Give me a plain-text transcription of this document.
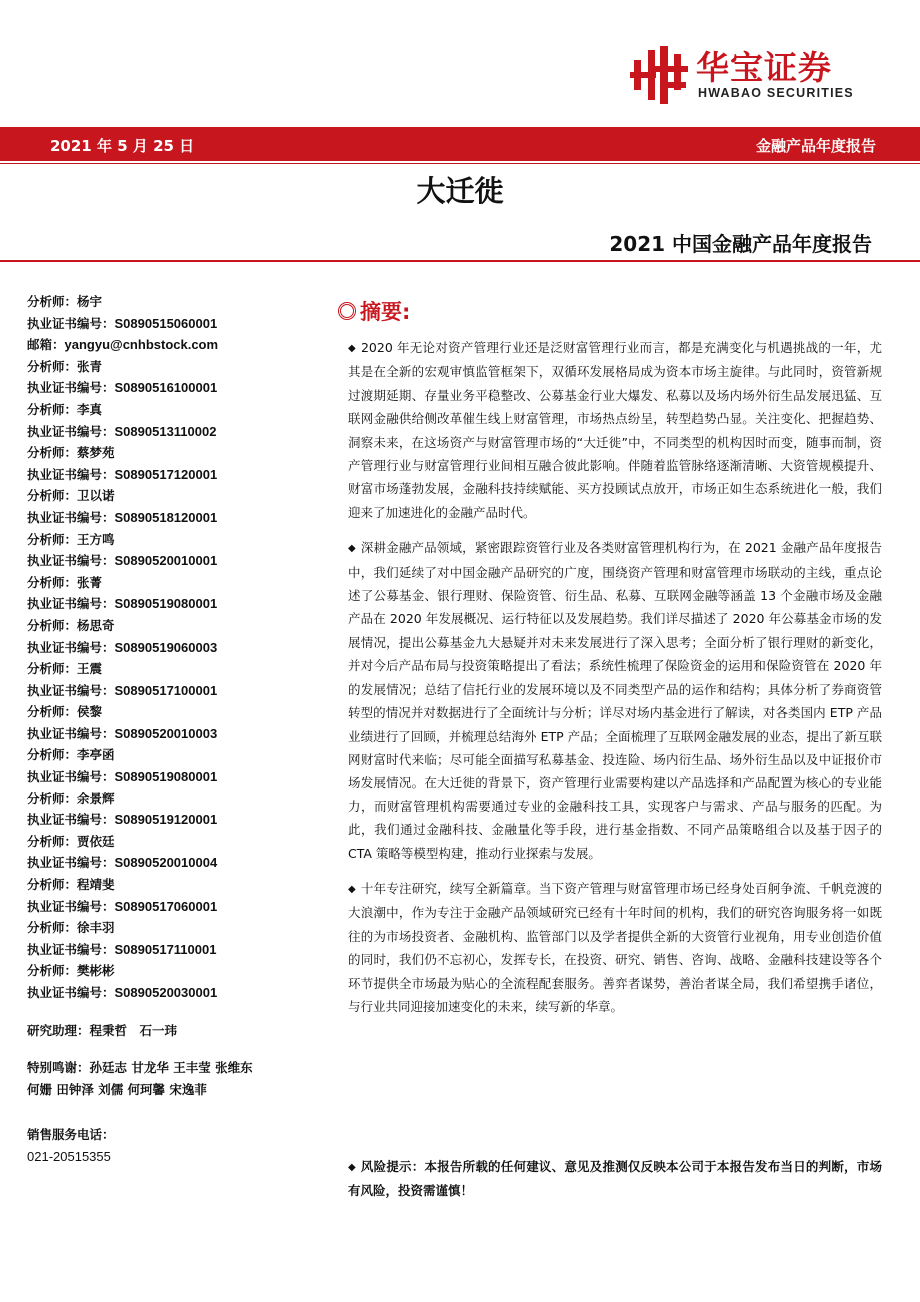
华宝证券
HWABAO SECURITIES
2021 年 5 月 25 日	金融产品年度报告
大迁徙
2021 中国金融产品年度报告
分析师：杨宇
执业证书编号：S0890515060001
邮箱：yangyu@cnhbstock.com
分析师：张青
执业证书编号：S0890516100001
分析师：李真
执业证书编号：S0890513110002
分析师：蔡梦苑
执业证书编号：S0890517120001
分析师：卫以诺
执业证书编号：S0890518120001
分析师：王方鸣
执业证书编号：S0890520010001
分析师：张菁
执业证书编号：S0890519080001
分析师：杨思奇
执业证书编号：S0890519060003
分析师：王震
执业证书编号：S0890517100001
分析师：侯黎
执业证书编号：S0890520010003
分析师：李亭函
执业证书编号：S0890519080001
分析师：余景辉
执业证书编号：S0890519120001
分析师：贾依廷
执业证书编号：S0890520010004
分析师：程靖斐
执业证书编号：S0890517060001
分析师：徐丰羽
执业证书编号：S0890517110001
分析师：樊彬彬
执业证书编号：S0890520030001
研究助理：程秉哲　石一玮
特别鸣谢：孙廷志 甘龙华 王丰莹 张维东
何姗 田钟泽 刘儒 何珂馨 宋逸菲
销售服务电话：
021-20515355
摘要:

◆ 2020 年无论对资产管理行业还是泛财富管理行业而言，都是充满变化与机遇挑战的一年，尤其是在全新的宏观审慎监管框架下，双循环发展格局成为资本市场主旋律。与此同时，资管新规过渡期延期、存量业务平稳整改、公募基金行业大爆发、私募以及场内场外衍生品发展迅猛、互联网金融供给侧改革催生线上财富管理，市场热点纷呈，转型趋势凸显。关注变化、把握趋势、洞察未来，在这场资产与财富管理市场的“大迁徙”中，不同类型的机构因时而变，随事而制，资产管理行业与财富管理行业间相互融合彼此影响。伴随着监管脉络逐渐清晰、大资管规模提升、财富市场蓬勃发展，金融科技持续赋能、买方投顾试点放开，市场正如生态系统进化一般，我们迎来了加速进化的金融产品时代。

◆ 深耕金融产品领域，紧密跟踪资管行业及各类财富管理机构行为，在 2021 金融产品年度报告中，我们延续了对中国金融产品研究的广度，围绕资产管理和财富管理市场联动的主线，重点论述了公募基金、银行理财、保险资管、衍生品、私募、互联网金融等涵盖 13 个金融市场及金融产品在 2020 年发展概况、运行特征以及发展趋势。我们详尽描述了 2020 年公募基金市场的发展情况，提出公募基金九大悬疑并对未来发展进行了深入思考；全面分析了银行理财的新变化，并对今后产品布局与投资策略提出了看法；系统性梳理了保险资金的运用和保险资管在 2020 年的发展情况；总结了信托行业的发展环境以及不同类型产品的运作和结构；具体分析了券商资管转型的情况并对数据进行了全面统计与分析；详尽对场内基金进行了解读，对各类国内 ETP 产品业绩进行了回顾，并梳理总结海外 ETP 产品；全面梳理了互联网金融发展的业态，提出了新互联网财富时代来临；尽可能全面描写私募基金、投连险、场内衍生品、场外衍生品以及中证报价市场发展情况。在大迁徙的背景下，资产管理行业需要构建以产品选择和产品配置为核心的专业能力，而财富管理机构需要通过专业的金融科技工具，实现客户与需求、产品与服务的匹配。为此，我们通过金融科技、金融量化等手段，进行基金指数、不同产品策略组合以及基于因子的 CTA 策略等模型构建，推动行业探索与发展。

◆ 十年专注研究，续写全新篇章。当下资产管理与财富管理市场已经身处百舸争流、千帆竞渡的大浪潮中，作为专注于金融产品领域研究已经有十年时间的机构，我们的研究咨询服务将一如既往的为市场投资者、金融机构、监管部门以及学者提供全新的大资管行业视角，用专业创造价值的同时，我们仍不忘初心，发挥专长，在投资、研究、销售、咨询、战略、金融科技建设等各个环节提供全市场最为贴心的全流程配套服务。善弈者谋势，善治者谋全局，我们希望携手诸位，与行业共同迎接加速变化的未来，续写新的华章。

◆ 风险提示：本报告所载的任何建议、意见及推测仅反映本公司于本报告发布当日的判断，市场有风险，投资需谨慎！
